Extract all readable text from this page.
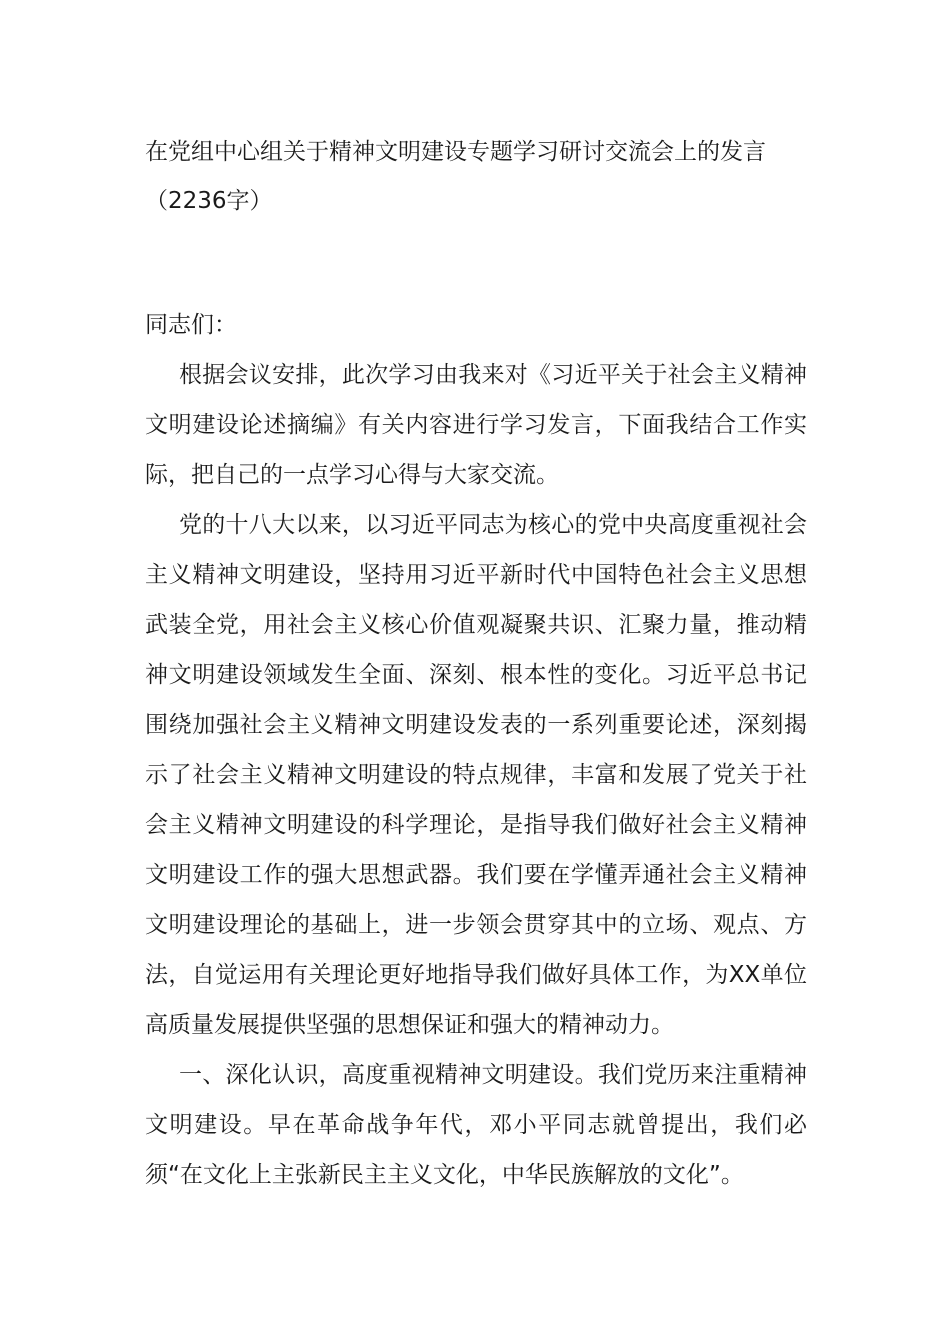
在党组中心组关于精神文明建设专题学习研讨交流会上的发言
（2236字）

同志们：

根据会议安排，此次学习由我来对《习近平关于社会主义精神文明建设论述摘编》有关内容进行学习发言，下面我结合工作实际，把自己的一点学习心得与大家交流。

党的十八大以来，以习近平同志为核心的党中央高度重视社会主义精神文明建设，坚持用习近平新时代中国特色社会主义思想武装全党，用社会主义核心价值观凝聚共识、汇聚力量，推动精神文明建设领域发生全面、深刻、根本性的变化。习近平总书记围绕加强社会主义精神文明建设发表的一系列重要论述，深刻揭示了社会主义精神文明建设的特点规律，丰富和发展了党关于社会主义精神文明建设的科学理论，是指导我们做好社会主义精神文明建设工作的强大思想武器。我们要在学懂弄通社会主义精神文明建设理论的基础上，进一步领会贯穿其中的立场、观点、方法，自觉运用有关理论更好地指导我们做好具体工作，为XX单位高质量发展提供坚强的思想保证和强大的精神动力。

一、深化认识，高度重视精神文明建设。我们党历来注重精神文明建设。早在革命战争年代，邓小平同志就曾提出，我们必须“在文化上主张新民主主义文化，中华民族解放的文化”。
